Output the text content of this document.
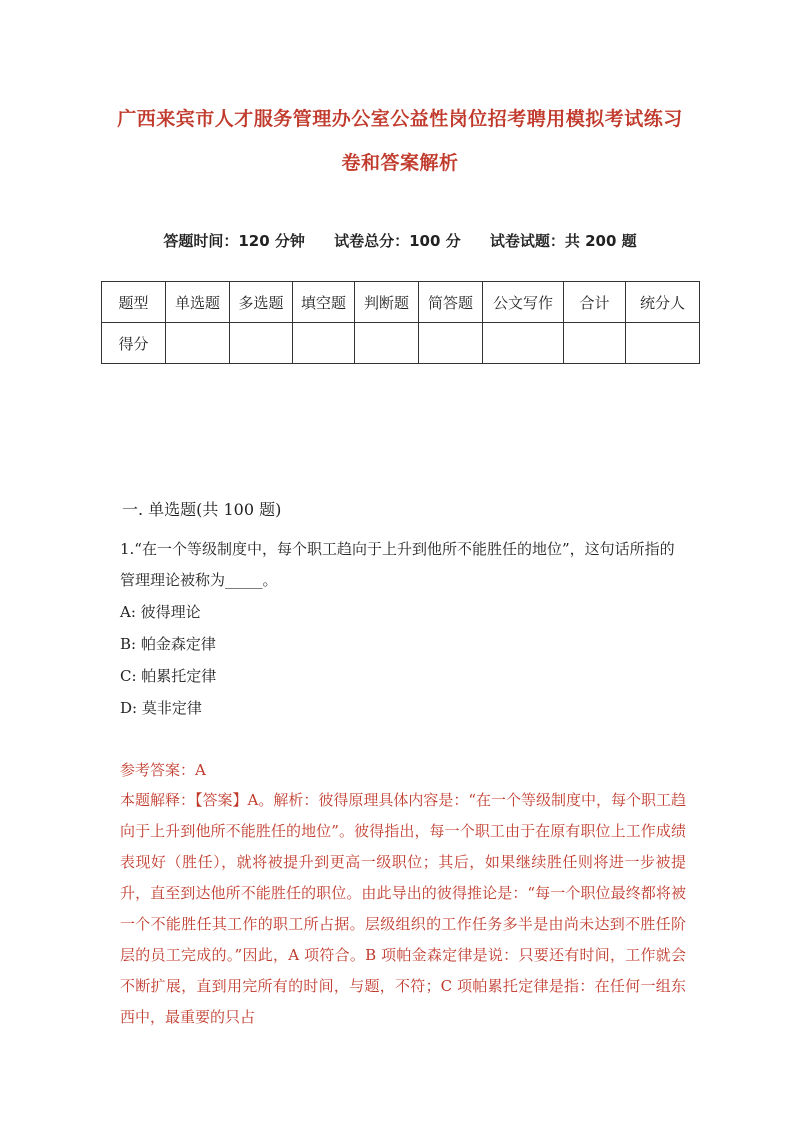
广西来宾市人才服务管理办公室公益性岗位招考聘用模拟考试练习
卷和答案解析
答题时间：120 分钟 试卷总分：100 分 试卷试题：共 200 题
题型	单选题	多选题	填空题	判断题	简答题	公文写作	合计	统分人
得分								
一. 单选题(共 100 题)
1.“在一个等级制度中，每个职工趋向于上升到他所不能胜任的地位”，这句话所指的管理理论被称为_____。
A: 彼得理论
B: 帕金森定律
C: 帕累托定律
D: 莫非定律
参考答案：A
本题解释：【答案】A。解析：彼得原理具体内容是：“在一个等级制度中，每个职工趋向于上升到他所不能胜任的地位”。彼得指出，每一个职工由于在原有职位上工作成绩表现好（胜任），就将被提升到更高一级职位；其后，如果继续胜任则将进一步被提升，直至到达他所不能胜任的职位。由此导出的彼得推论是：“每一个职位最终都将被一个不能胜任其工作的职工所占据。层级组织的工作任务多半是由尚未达到不胜任阶层的员工完成的。”因此，A 项符合。B 项帕金森定律是说：只要还有时间，工作就会不断扩展，直到用完所有的时间，与题，不符；C 项帕累托定律是指：在任何一组东西中，最重要的只占
